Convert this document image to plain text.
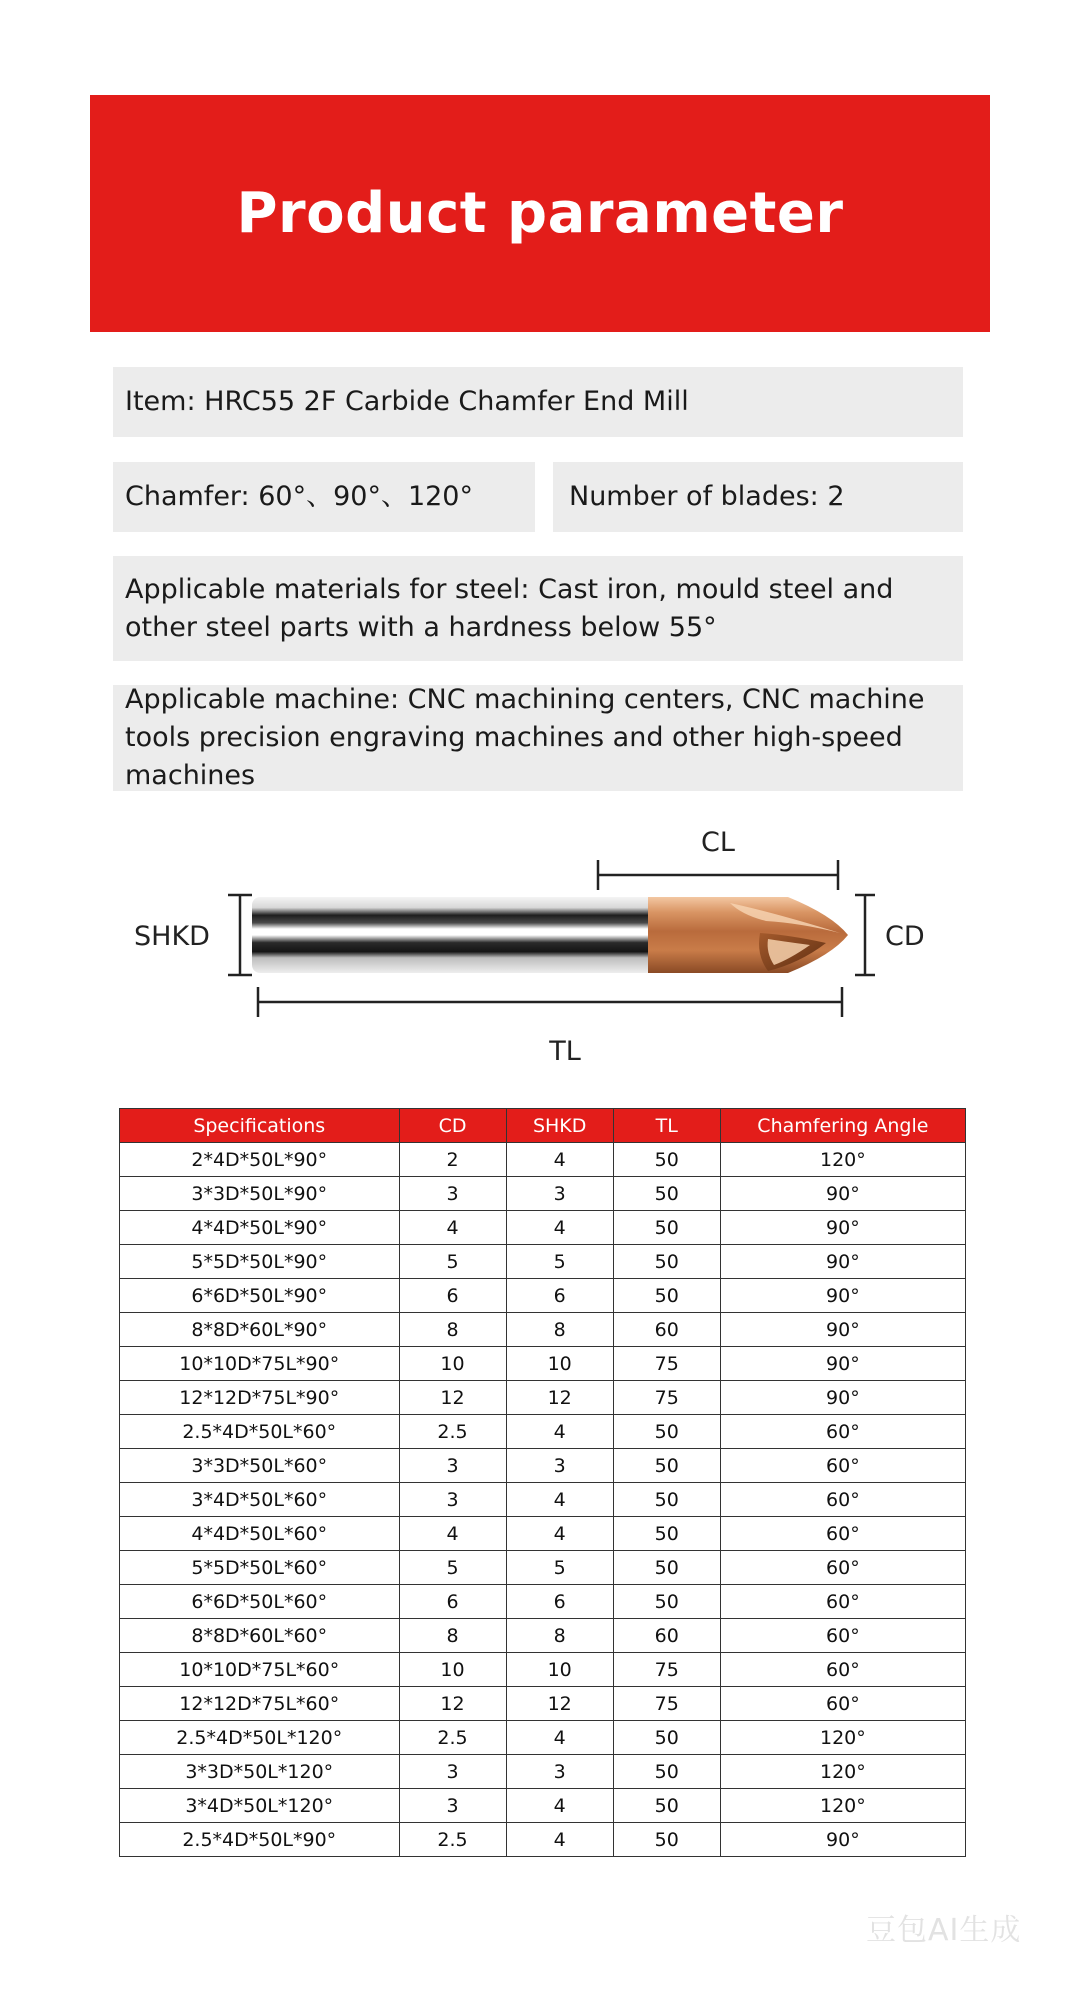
Product parameter
Item: HRC55 2F Carbide Chamfer End Mill
Chamfer: 60°、90°、120°	Number of blades: 2
Applicable materials for steel: Cast iron, mould steel and other steel parts with a hardness below 55°
Applicable machine: CNC machining centers, CNC machine tools precision engraving machines and other high-speed machines
CL
SHKD	CD
TL
Specifications	CD	SHKD	TL	Chamfering Angle
2*4D*50L*90°	2	4	50	120°
3*3D*50L*90°	3	3	50	90°
4*4D*50L*90°	4	4	50	90°
5*5D*50L*90°	5	5	50	90°
6*6D*50L*90°	6	6	50	90°
8*8D*60L*90°	8	8	60	90°
10*10D*75L*90°	10	10	75	90°
12*12D*75L*90°	12	12	75	90°
2.5*4D*50L*60°	2.5	4	50	60°
3*3D*50L*60°	3	3	50	60°
3*4D*50L*60°	3	4	50	60°
4*4D*50L*60°	4	4	50	60°
5*5D*50L*60°	5	5	50	60°
6*6D*50L*60°	6	6	50	60°
8*8D*60L*60°	8	8	60	60°
10*10D*75L*60°	10	10	75	60°
12*12D*75L*60°	12	12	75	60°
2.5*4D*50L*120°	2.5	4	50	120°
3*3D*50L*120°	3	3	50	120°
3*4D*50L*120°	3	4	50	120°
2.5*4D*50L*90°	2.5	4	50	90°
豆包AI生成
